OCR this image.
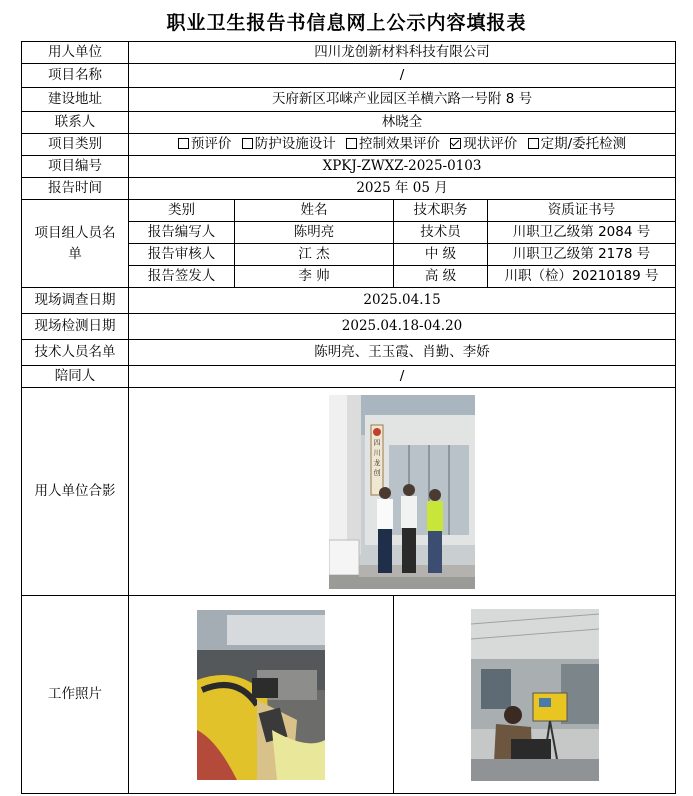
职业卫生报告书信息网上公示内容填报表
用人单位	四川龙创新材料科技有限公司			
项目名称	/			
建设地址	天府新区邛崃产业园区羊横六路一号附 8 号			
联系人	林晓全			
项目类别	预评价 防护设施设计 控制效果评价 现状评价 定期/委托检测			
项目编号	XPKJ-ZWXZ-2025-0103			
报告时间	2025 年 05 月			
项目组人员名单	类别	姓名	技术职务	资质证书号
	报告编写人	陈明亮	技术员	川职卫乙级第 2084 号
	报告审核人	江 杰	中 级	川职卫乙级第 2178 号
	报告签发人	李 帅	高 级	川职（检）20210189 号
现场调查日期	2025.04.15			
现场检测日期	2025.04.18-04.20			
技术人员名单	陈明亮、王玉霞、肖勤、李娇			
陪同人	/			
用人单位合影	四
川
龙
创			

工作照片	
